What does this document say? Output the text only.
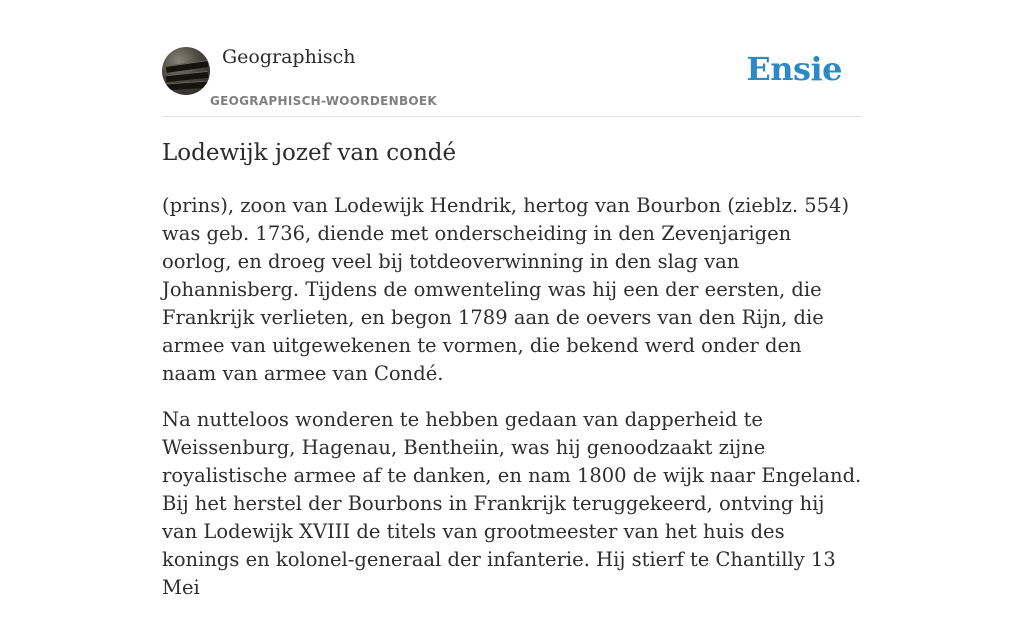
Geographisch
GEOGRAPHISCH-WOORDENBOEK
Ensie
Lodewijk jozef van condé

(prins), zoon van Lodewijk Hendrik, hertog van Bourbon (zieblz. 554) was geb. 1736, diende met onderscheiding in den Zevenjarigen oorlog, en droeg veel bij totdeoverwinning in den slag van Johannisberg. Tijdens de omwenteling was hij een der eersten, die Frankrijk verlieten, en begon 1789 aan de oevers van den Rijn, die armee van uitgewekenen te vormen, die bekend werd onder den naam van armee van Condé.

Na nutteloos wonderen te hebben gedaan van dapperheid te Weissenburg, Hagenau, Bentheiin, was hij genoodzaakt zijne royalistische armee af te danken, en nam 1800 de wijk naar Engeland. Bij het herstel der Bourbons in Frankrijk teruggekeerd, ontving hij van Lodewijk XVIII de titels van grootmeester van het huis des konings en kolonel-generaal der infanterie. Hij stierf te Chantilly 13 Mei
